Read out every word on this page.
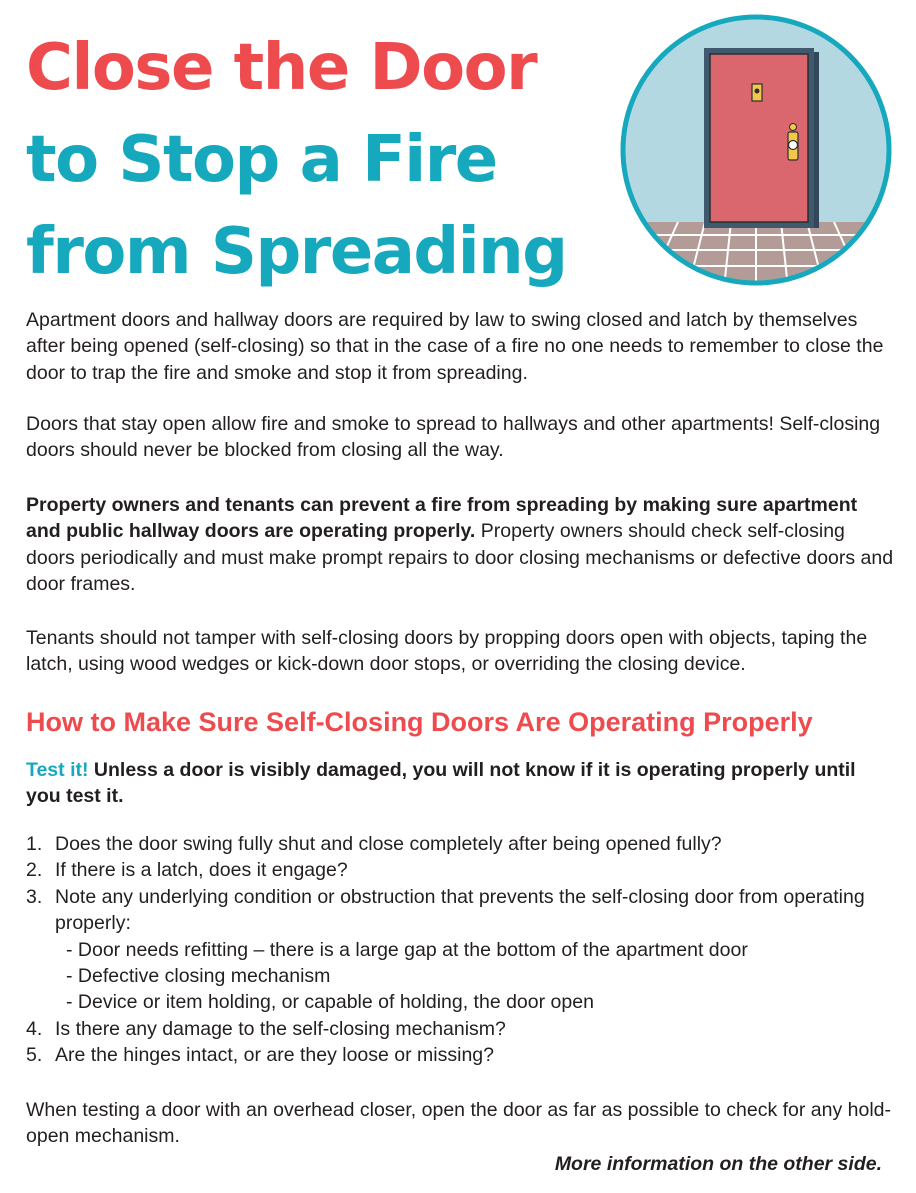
Close the Door
to Stop a Fire
from Spreading

Apartment doors and hallway doors are required by law to swing closed and latch by themselves after being opened (self-closing) so that in the case of a fire no one needs to remember to close the door to trap the fire and smoke and stop it from spreading.

Doors that stay open allow fire and smoke to spread to hallways and other apartments! Self-closing doors should never be blocked from closing all the way.

Property owners and tenants can prevent a fire from spreading by making sure apartment and public hallway doors are operating properly. Property owners should check self-closing doors periodically and must make prompt repairs to door closing mechanisms or defective doors and door frames.

Tenants should not tamper with self-closing doors by propping doors open with objects, taping the latch, using wood wedges or kick-down door stops, or overriding the closing device.

How to Make Sure Self-Closing Doors Are Operating Properly

Test it! Unless a door is visibly damaged, you will not know if it is operating properly until you test it.

1. Does the door swing fully shut and close completely after being opened fully?
2. If there is a latch, does it engage?
3. Note any underlying condition or obstruction that prevents the self-closing door from operating properly:
- Door needs refitting – there is a large gap at the bottom of the apartment door
- Defective closing mechanism
- Device or item holding, or capable of holding, the door open
4. Is there any damage to the self-closing mechanism?
5. Are the hinges intact, or are they loose or missing?

When testing a door with an overhead closer, open the door as far as possible to check for any hold-open mechanism.

More information on the other side.
